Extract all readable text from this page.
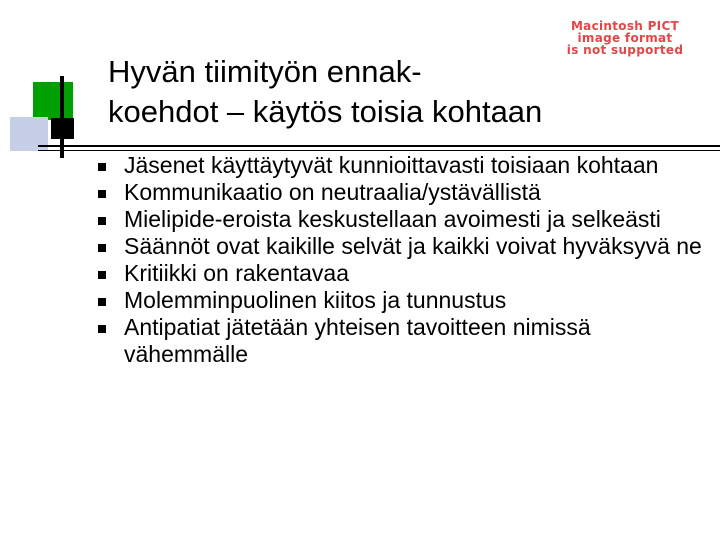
Macintosh PICT
image format
is not supported
Hyvän tiimityön ennak-
koehdot – käytös toisia kohtaan
Jäsenet käyttäytyvät kunnioittavasti toisiaan kohtaan
Kommunikaatio on neutraalia/ystävällistä
Mielipide-eroista keskustellaan avoimesti ja selkeästi
Säännöt ovat kaikille selvät ja kaikki voivat hyväksyvä ne
Kritiikki on rakentavaa
Molemminpuolinen kiitos ja tunnustus
Antipatiat jätetään yhteisen tavoitteen nimissä vähemmälle
